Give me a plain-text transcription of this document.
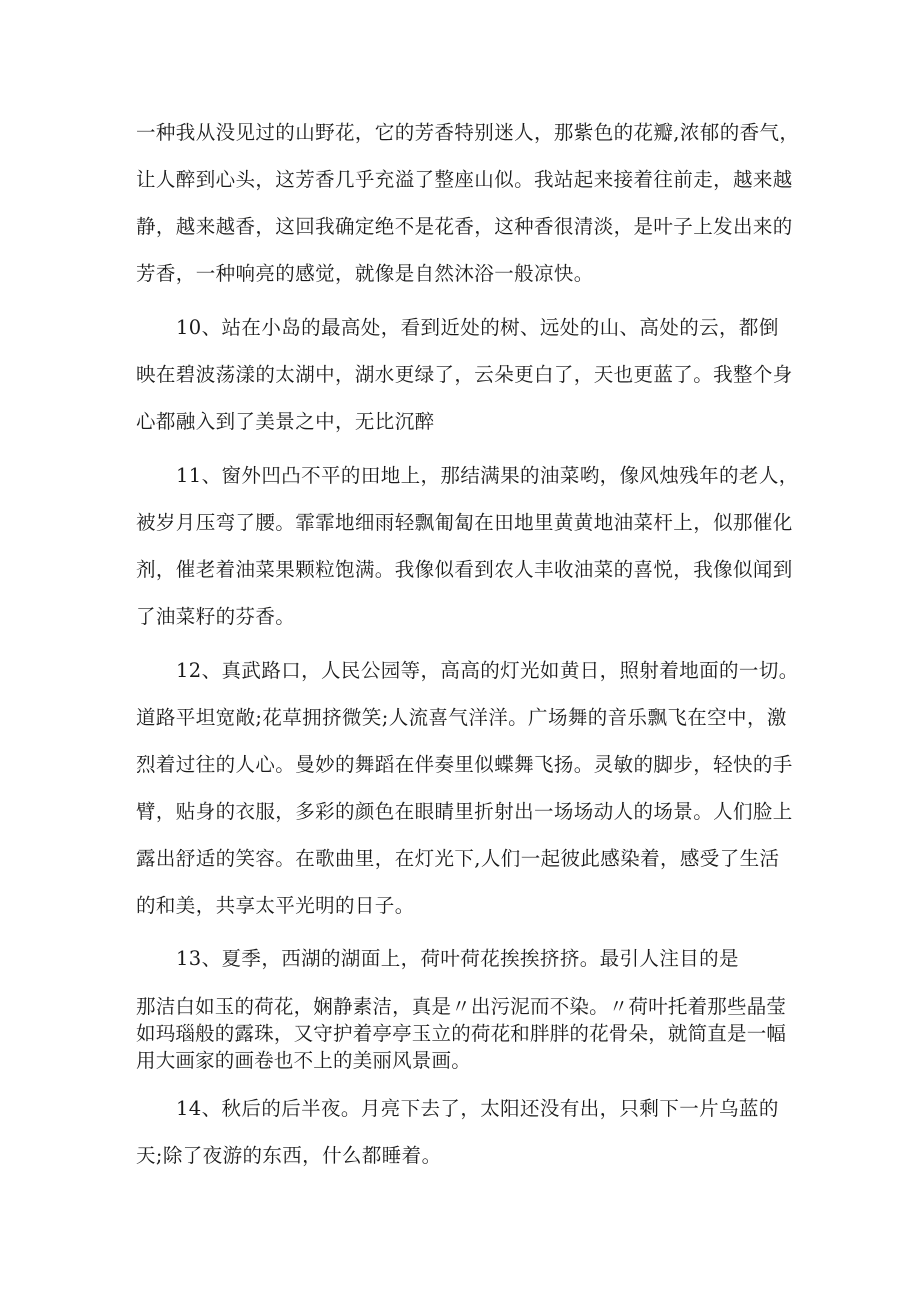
一种我从没见过的山野花，它的芳香特别迷人，那紫色的花瓣,浓郁的香气，

让人醉到心头，这芳香几乎充溢了整座山似。我站起来接着往前走，越来越

静，越来越香，这回我确定绝不是花香，这种香很清淡，是叶子上发出来的

芳香，一种响亮的感觉，就像是自然沐浴一般凉快。

10、站在小岛的最高处，看到近处的树、远处的山、高处的云，都倒

映在碧波荡漾的太湖中，湖水更绿了，云朵更白了，天也更蓝了。我整个身

心都融入到了美景之中，无比沉醉

11、窗外凹凸不平的田地上，那结满果的油菜哟，像风烛残年的老人，

被岁月压弯了腰。霏霏地细雨轻飘匍匐在田地里黄黄地油菜杆上，似那催化

剂，催老着油菜果颗粒饱满。我像似看到农人丰收油菜的喜悦，我像似闻到

了油菜籽的芬香。

12、真武路口，人民公园等，高高的灯光如黄日，照射着地面的一切。

道路平坦宽敞;花草拥挤微笑;人流喜气洋洋。广场舞的音乐飘飞在空中，激

烈着过往的人心。曼妙的舞蹈在伴奏里似蝶舞飞扬。灵敏的脚步，轻快的手

臂，贴身的衣服，多彩的颜色在眼睛里折射出一场场动人的场景。人们脸上

露出舒适的笑容。在歌曲里，在灯光下,人们一起彼此感染着，感受了生活

的和美，共享太平光明的日子。

13、夏季，西湖的湖面上，荷叶荷花挨挨挤挤。最引人注目的是

那洁白如玉的荷花，娴静素洁，真是〃出污泥而不染。〃荷叶托着那些晶莹

如玛瑙般的露珠，又守护着亭亭玉立的荷花和胖胖的花骨朵，就简直是一幅

用大画家的画卷也不上的美丽风景画。

14、秋后的后半夜。月亮下去了，太阳还没有出，只剩下一片乌蓝的

天;除了夜游的东西，什么都睡着。
